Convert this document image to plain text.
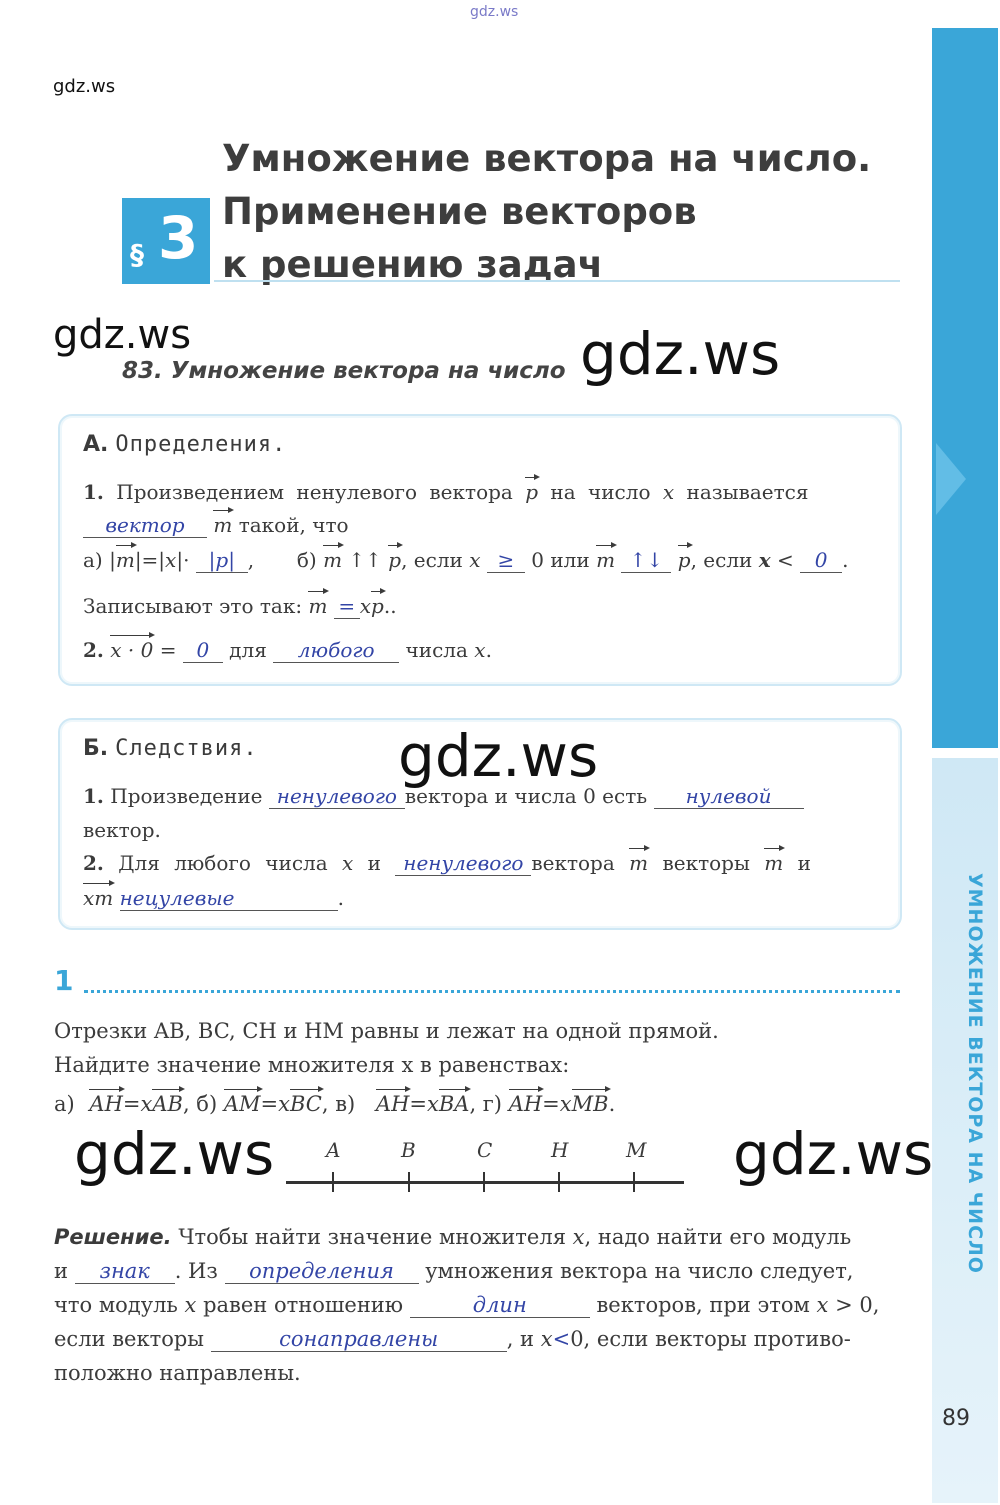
gdz.ws
gdz.ws
УМНОЖЕНИЕ ВЕКТОРА НА ЧИСЛО
89
§ 3
Умножение вектора на число.
Применение векторов
к решению задач
gdz.ws
83. Умножение вектора на число gdz.ws
А. Определения.
1. Произведением ненулевого вектора p на число x называется
вектор m такой, что
а) |m|=|x|· |p| , б) m ↑↑ p, если x ≥ 0 или m ↑↓ p, если x < 0 .
Записывают это так: m = xp..
2. x · 0 = 0 для любого числа x.
Б. Следствия. gdz.ws
1. Произведение ненулевого вектора и числа 0 есть нулевой
вектор.
2. Для любого числа x и ненулевого вектора m векторы m и
xm нецулевые	.
1
Отрезки AB, BC, CH и HM равны и лежат на одной прямой.
Найдите значение множителя x в равенствах:
а) AH=xAB, б) AM=xBC, в) AH=xBA, г) AH=xMB.
gdz.ws	gdz.ws
A	B	C	H	M
Решение. Чтобы найти значение множителя x, надо найти его модуль
и знак . Из определения умножения вектора на число следует,
что модуль x равен отношению	длин	векторов, при этом x > 0,
если векторы	сонаправлены	, и x<0, если векторы противо-
положно направлены.
